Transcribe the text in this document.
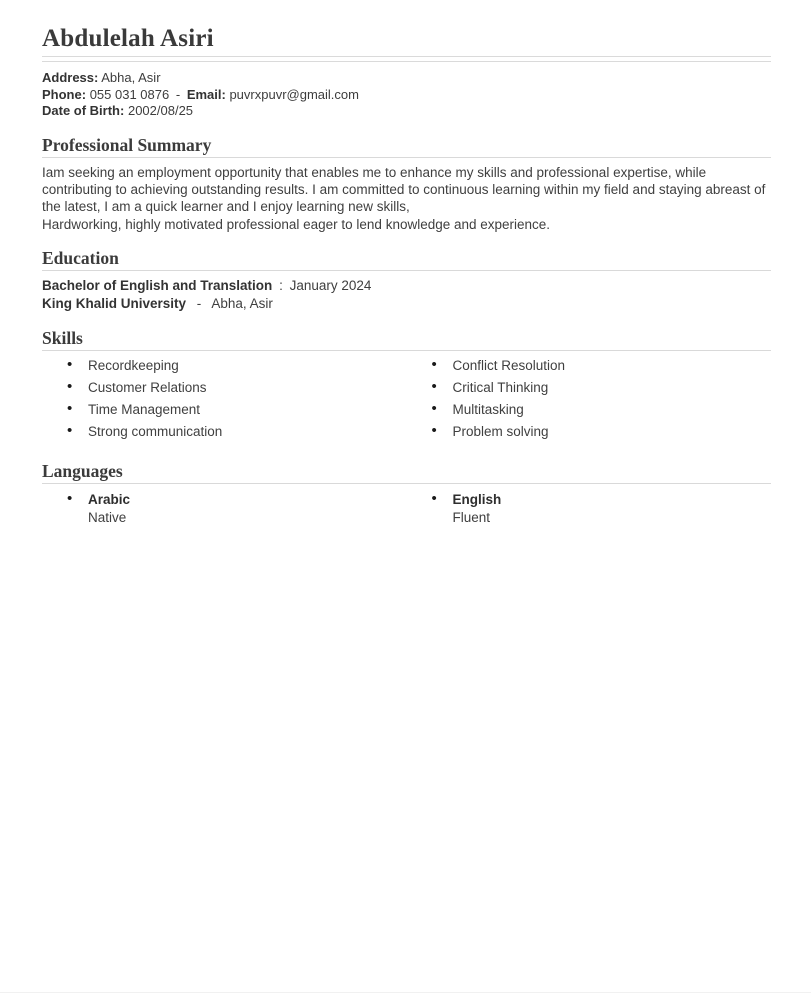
Abdulelah Asiri
Address: Abha, Asir
Phone: 055 031 0876 - Email: puvrxpuvr@gmail.com
Date of Birth: 2002/08/25
Professional Summary

Iam seeking an employment opportunity that enables me to enhance my skills and professional expertise, while contributing to achieving outstanding results. I am committed to continuous learning within my field and staying abreast of the latest, I am a quick learner and I enjoy learning new skills,
Hardworking, highly motivated professional eager to lend knowledge and experience.

Education
Bachelor of English and Translation : January 2024
King Khalid University - Abha, Asir
Skills
• Recordkeeping
• Customer Relations
• Time Management
• Strong communication
• Conflict Resolution
• Critical Thinking
• Multitasking
• Problem solving
Languages
• Arabic
Native
• English
Fluent
